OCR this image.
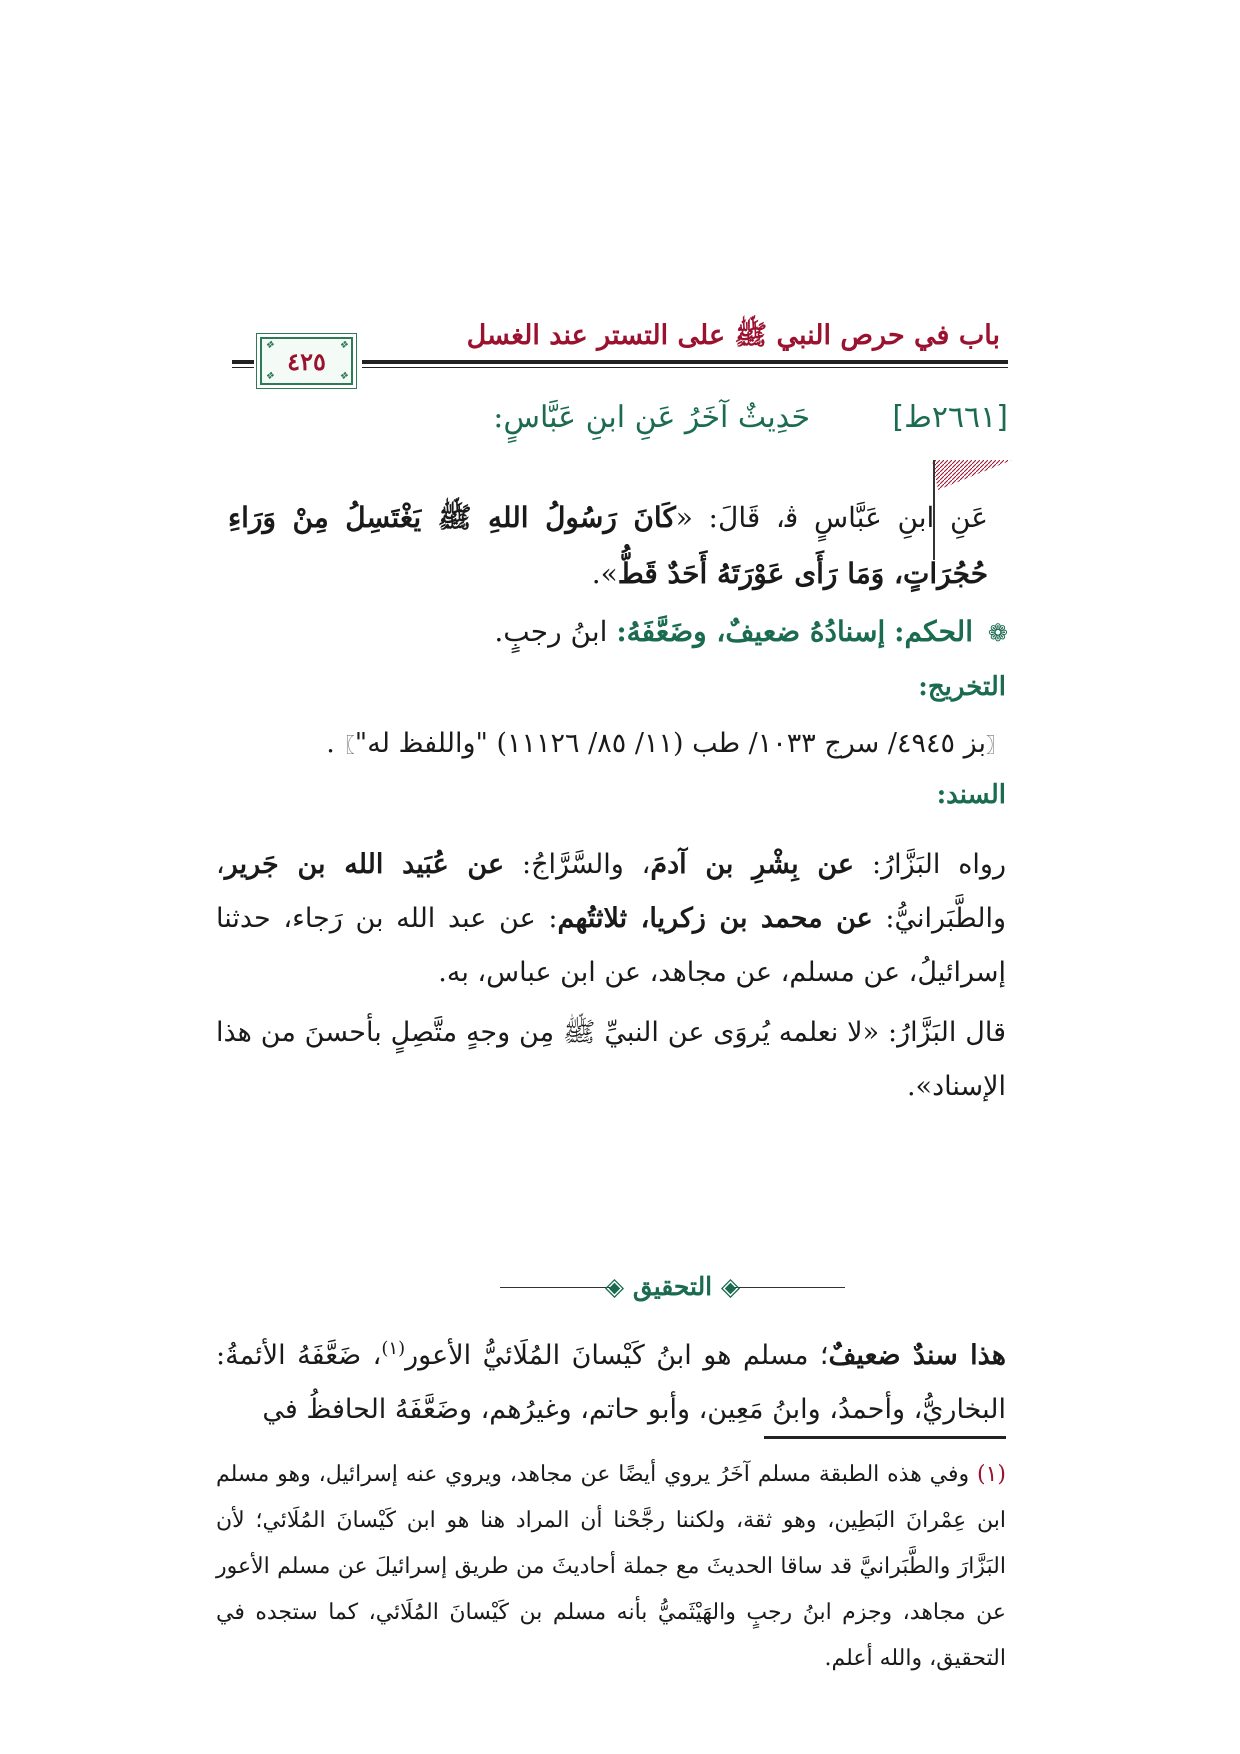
باب في حرص النبي ﷺ على التستر عند الغسل
٤٢٥
❖	❖
❖	❖
[٢٦٦١ط]
حَدِيثٌ آخَرُ عَنِ ابنِ عَبَّاسٍ:
عَنِ ابنِ عَبَّاسٍ ﭬ، قَالَ: «كَانَ رَسُولُ اللهِ ﷺ يَغْتَسِلُ مِنْ وَرَاءِ حُجُرَاتٍ، وَمَا رَأَى عَوْرَتَهُ أَحَدٌ قَطُّ».
❁ الحكم: إسنادُهُ ضعيفٌ، وضَعَّفَهُ: ابنُ رجبٍ.
التخريج:
〖بز ٤٩٤٥/ سرج ١٠٣٣/ طب (١١/ ٨٥/ ١١١٢٦) "واللفظ له"〗.
السند:
رواه البَزَّارُ: عن بِشْرِ بن آدمَ، والسَّرَّاجُ: عن عُبَيد الله بن جَرير، والطَّبَرانيُّ: عن محمد بن زكريا، ثلاثتُهم: عن عبد الله بن رَجاء، حدثنا إسرائيلُ، عن مسلم، عن مجاهد، عن ابن عباس، به.
قال البَزَّارُ: «لا نعلمه يُروَى عن النبيِّ ﷺ مِن وجهٍ متَّصِلٍ بأحسنَ من هذا الإسناد».
◈ التحقيق ◈
هذا سندٌ ضعيفٌ؛ مسلم هو ابنُ كَيْسانَ المُلَائيُّ الأعور$^{(١)}$، ضَعَّفَهُ الأئمةُ: البخاريُّ، وأحمدُ، وابنُ مَعِين، وأبو حاتم، وغيرُهم، وضَعَّفَهُ الحافظُ في
(١) وفي هذه الطبقة مسلم آخَرُ يروي أيضًا عن مجاهد، ويروي عنه إسرائيل، وهو مسلم ابن عِمْرانَ البَطِين، وهو ثقة، ولكننا رجَّحْنا أن المراد هنا هو ابن كَيْسانَ المُلَائي؛ لأن البَزَّارَ والطَّبَرانيَّ قد ساقا الحديثَ مع جملة أحاديثَ من طريق إسرائيلَ عن مسلم الأعور عن مجاهد، وجزم ابنُ رجبٍ والهَيْثَميُّ بأنه مسلم بن كَيْسانَ المُلَائي، كما ستجده في التحقيق، والله أعلم.
